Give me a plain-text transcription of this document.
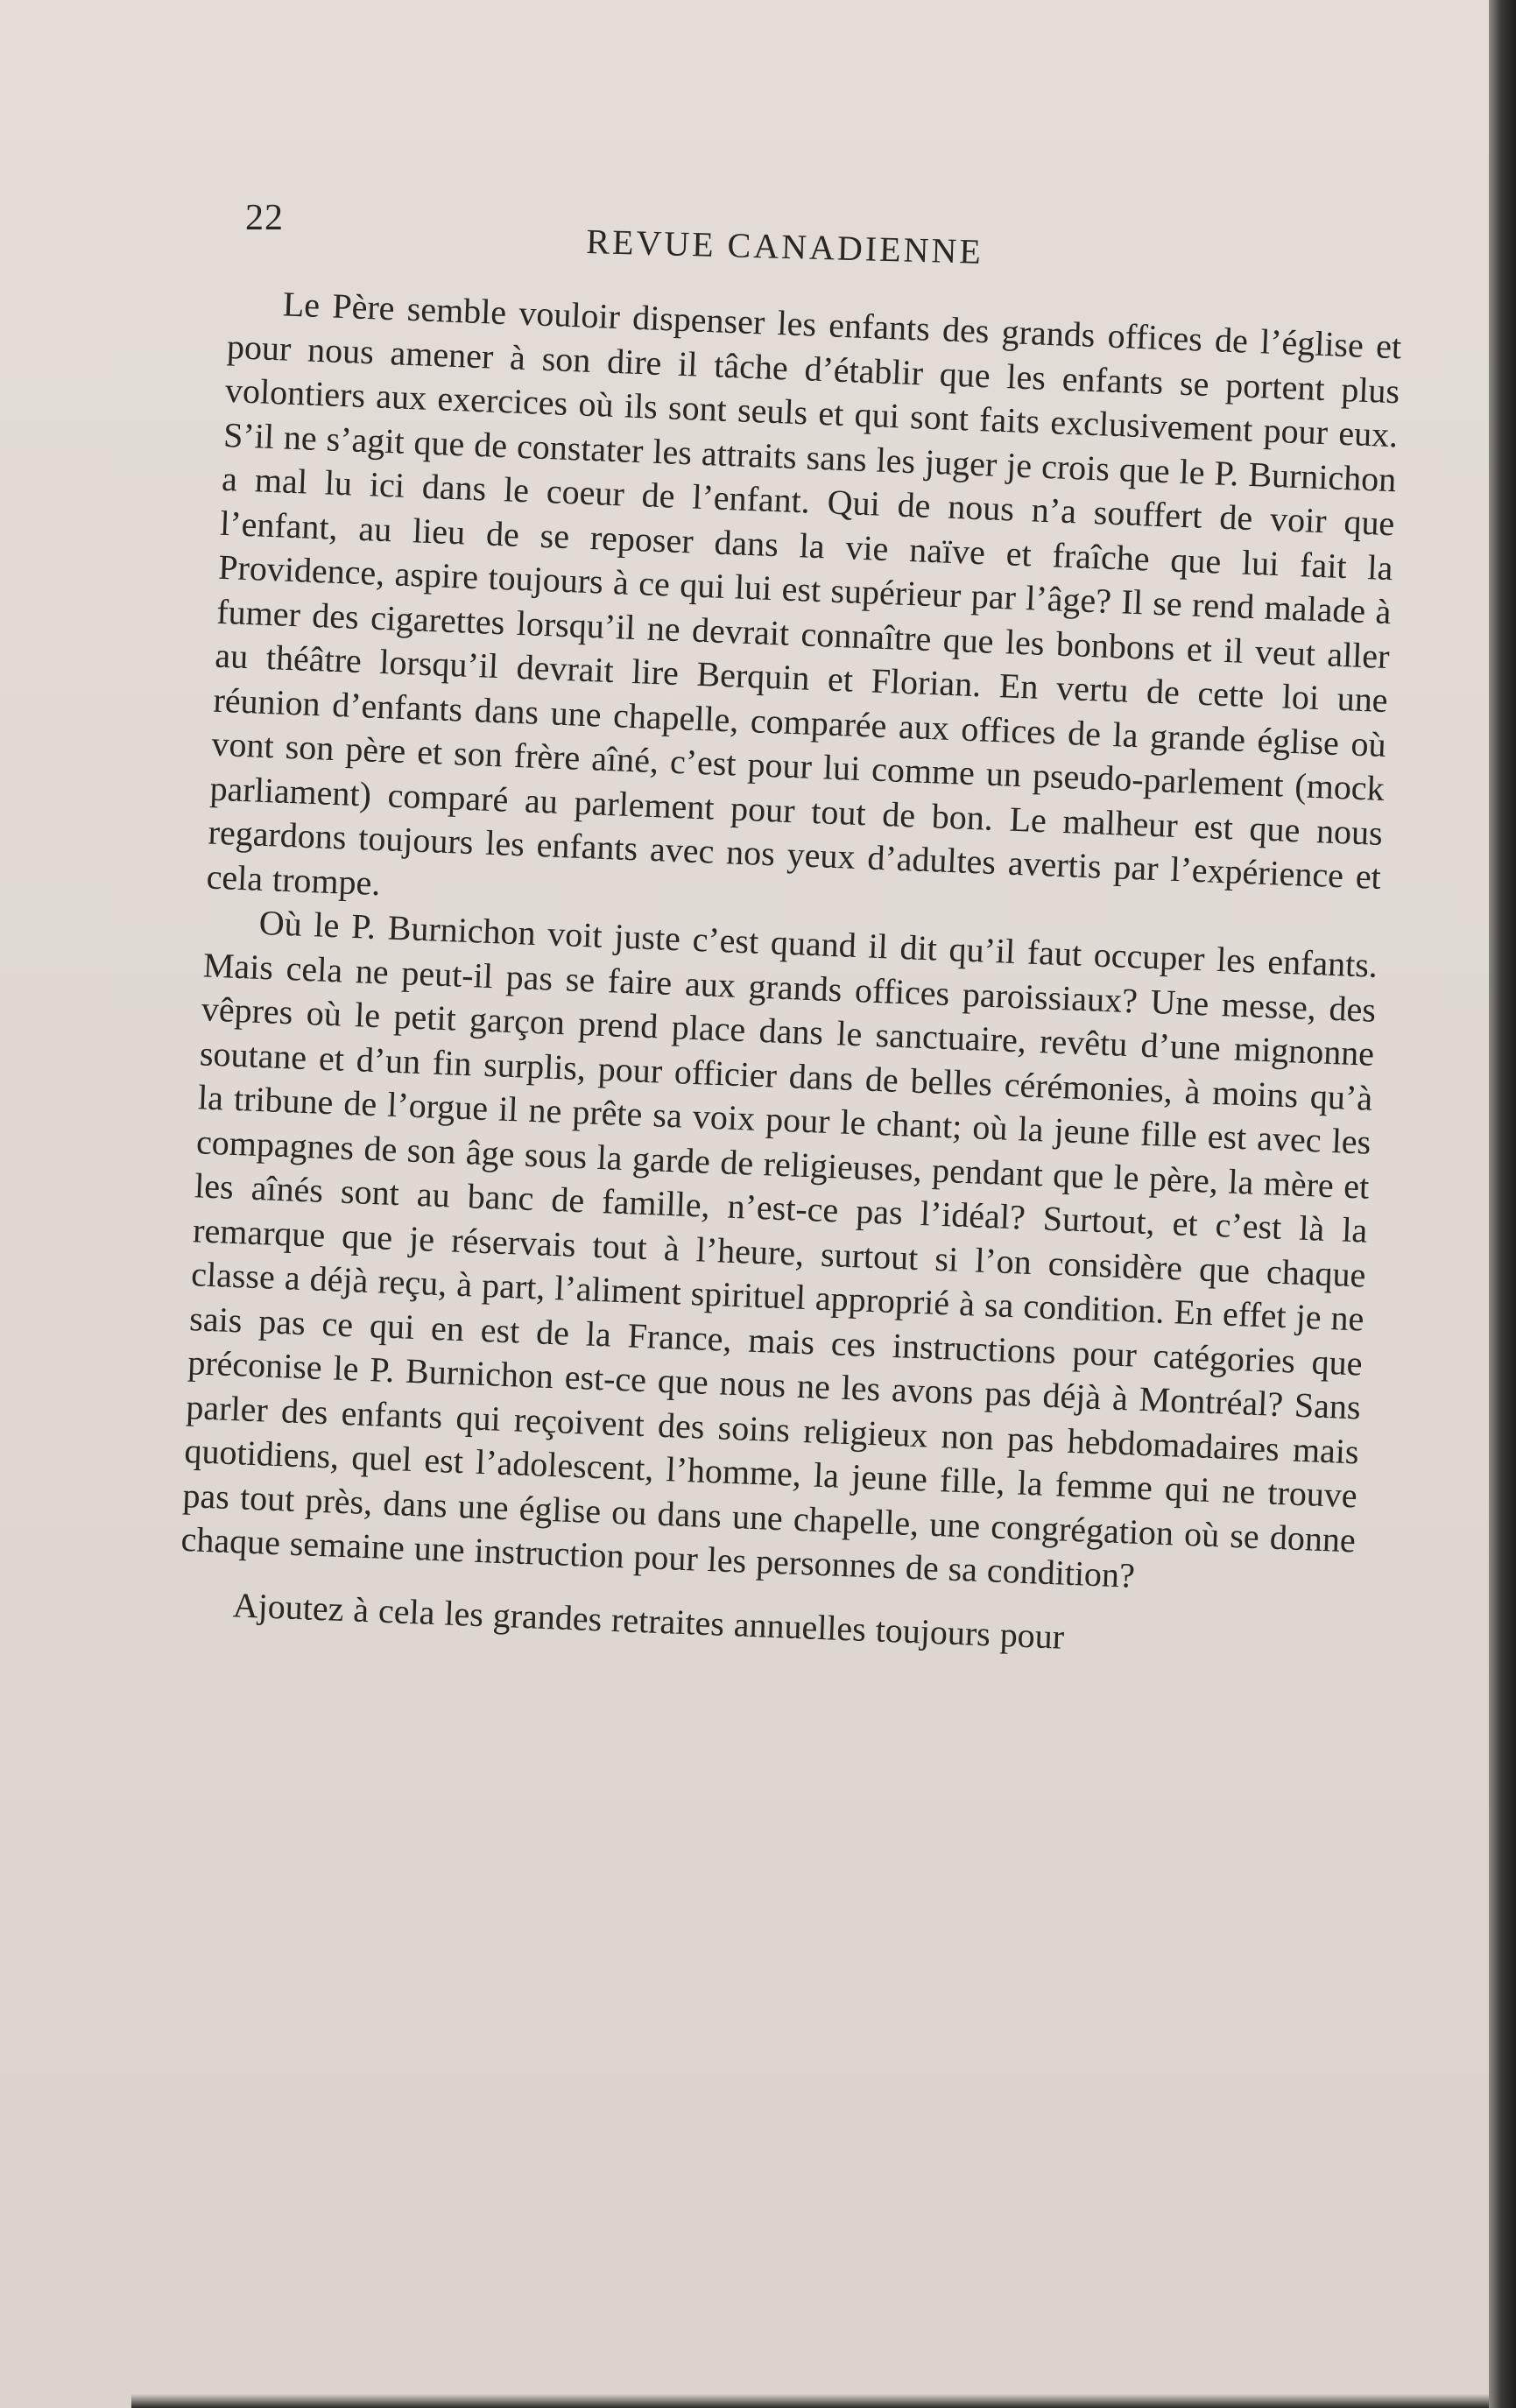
22

REVUE CANADIENNE

Le Père semble vouloir dispenser les enfants des grands offices de l’église et pour nous amener à son dire il tâche d’établir que les enfants se portent plus volontiers aux exercices où ils sont seuls et qui sont faits exclusivement pour eux. S’il ne s’agit que de constater les attraits sans les juger je crois que le P. Burnichon a mal lu ici dans le coeur de l’enfant. Qui de nous n’a souffert de voir que l’enfant, au lieu de se reposer dans la vie naïve et fraîche que lui fait la Providence, aspire toujours à ce qui lui est supérieur par l’âge? Il se rend malade à fumer des cigarettes lorsqu’il ne devrait connaître que les bonbons et il veut aller au théâtre lorsqu’il devrait lire Berquin et Florian. En vertu de cette loi une réunion d’enfants dans une chapelle, comparée aux offices de la grande église où vont son père et son frère aîné, c’est pour lui comme un pseudo-parlement (mock parliament) comparé au parlement pour tout de bon. Le malheur est que nous regardons toujours les enfants avec nos yeux d’adultes avertis par l’expérience et cela trompe.

Où le P. Burnichon voit juste c’est quand il dit qu’il faut occuper les enfants. Mais cela ne peut-il pas se faire aux grands offices paroissiaux? Une messe, des vêpres où le petit garçon prend place dans le sanctuaire, revêtu d’une mignonne soutane et d’un fin surplis, pour officier dans de belles cérémonies, à moins qu’à la tribune de l’orgue il ne prête sa voix pour le chant; où la jeune fille est avec les compagnes de son âge sous la garde de religieuses, pendant que le père, la mère et les aînés sont au banc de famille, n’est-ce pas l’idéal? Surtout, et c’est là la remarque que je réservais tout à l’heure, surtout si l’on considère que chaque classe a déjà reçu, à part, l’aliment spirituel approprié à sa condition. En effet je ne sais pas ce qui en est de la France, mais ces instructions pour catégories que préconise le P. Burnichon est-ce que nous ne les avons pas déjà à Montréal? Sans parler des enfants qui reçoivent des soins religieux non pas hebdomadaires mais quotidiens, quel est l’adolescent, l’homme, la jeune fille, la femme qui ne trouve pas tout près, dans une église ou dans une chapelle, une congrégation où se donne chaque semaine une instruction pour les personnes de sa condition?

Ajoutez à cela les grandes retraites annuelles toujours pour
